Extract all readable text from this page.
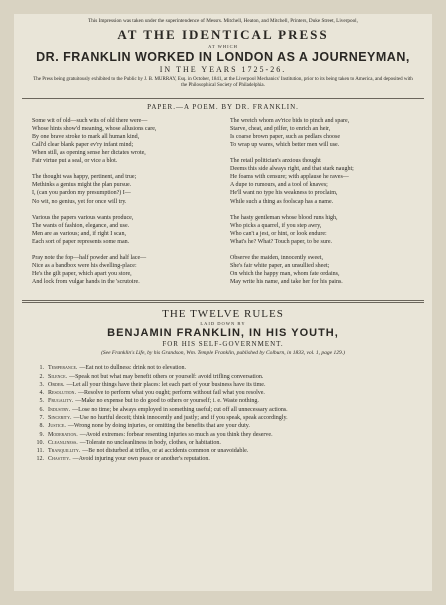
This Impression was taken under the superintendence of Messrs. Mitchell, Heaton, and Mitchell, Printers, Duke Street, Liverpool,
AT THE IDENTICAL PRESS
AT WHICH
DR. FRANKLIN WORKED IN LONDON AS A JOURNEYMAN,
IN THE YEARS 1725-26.
The Press being gratuitously exhibited to the Public by J. B. MURRAY, Esq. in October, 1841, at the Liverpool Mechanics' Institution, prior to its being taken to America, and deposited with the Philosophical Society of Philadelphia.
PAPER.—A POEM. BY DR. FRANKLIN.
Some wit of old—such wits of old there were—
Whose hints show'd meaning, whose allusions care,
By one brave stroke to mark all human kind,
Call'd clear blank paper ev'ry infant mind;
When still, as opening sense her dictates wrote,
Fair virtue put a seal, or vice a blot.
The thought was happy, pertinent, and true;
Methinks a genius might the plan pursue.
I, (can you pardon my presumption?) I—
No wit, no genius, yet for once will try.
Various the papers various wants produce,
The wants of fashion, elegance, and use.
Men are as various; and, if right I scan,
Each sort of paper represents some man.
Pray note the fop—half powder and half lace—
Nice as a bandbox were his dwelling-place:
He's the gilt paper, which apart you store,
And lock from vulgar hands in the 'scrutoire.
The wretch whom av'rice bids to pinch and spare,
Starve, cheat, and pilfer, to enrich an heir,
Is coarse brown paper, such as pedlars choose
To wrap up wares, which better men will use.
The retail politician's anxious thought
Deems this side always right, and that stark naught;
He foams with censure; with applause he raves—
A dupe to rumours, and a tool of knaves;
He'll want no type his weakness to proclaim,
While such a thing as foolscap has a name.
The hasty gentleman whose blood runs high,
Who picks a quarrel, if you step awry,
Who can't a jest, or hint, or look endure:
What's he? What? Touch paper, to be sure.
Observe the maiden, innocently sweet,
She's fair white paper, an unsullied sheet;
On which the happy man, whom fate ordains,
May write his name, and take her for his pains.
THE TWELVE RULES
LAID DOWN BY
BENJAMIN FRANKLIN, IN HIS YOUTH,
FOR HIS SELF-GOVERNMENT.
(See Franklin's Life, by his Grandson, Wm. Temple Franklin, published by Colburn, in 1833, vol. 1, page 129.)
1. Temperance. —Eat not to dullness: drink not to elevation.
2. Silence. —Speak not but what may benefit others or yourself: avoid trifling conversation.
3. Order. —Let all your things have their places: let each part of your business have its time.
4. Resolution. —Resolve to perform what you ought; perform without fail what you resolve.
5. Frugality. —Make no expense but to do good to others or yourself; i. e. Waste nothing.
6. Industry. —Lose no time; be always employed in something useful; cut off all unnecessary actions.
7. Sincerity. —Use no hurtful deceit; think innocently and justly; and if you speak, speak accordingly.
8. Justice. —Wrong none by doing injuries, or omitting the benefits that are your duty.
9. Moderation. —Avoid extremes: forbear resenting injuries so much as you think they deserve.
10. Cleanliness. —Tolerate no uncleanliness in body, clothes, or habitation.
11. Tranquillity. —Be not disturbed at trifles, or at accidents common or unavoidable.
12. Chastity. —Avoid injuring your own peace or another's reputation.
